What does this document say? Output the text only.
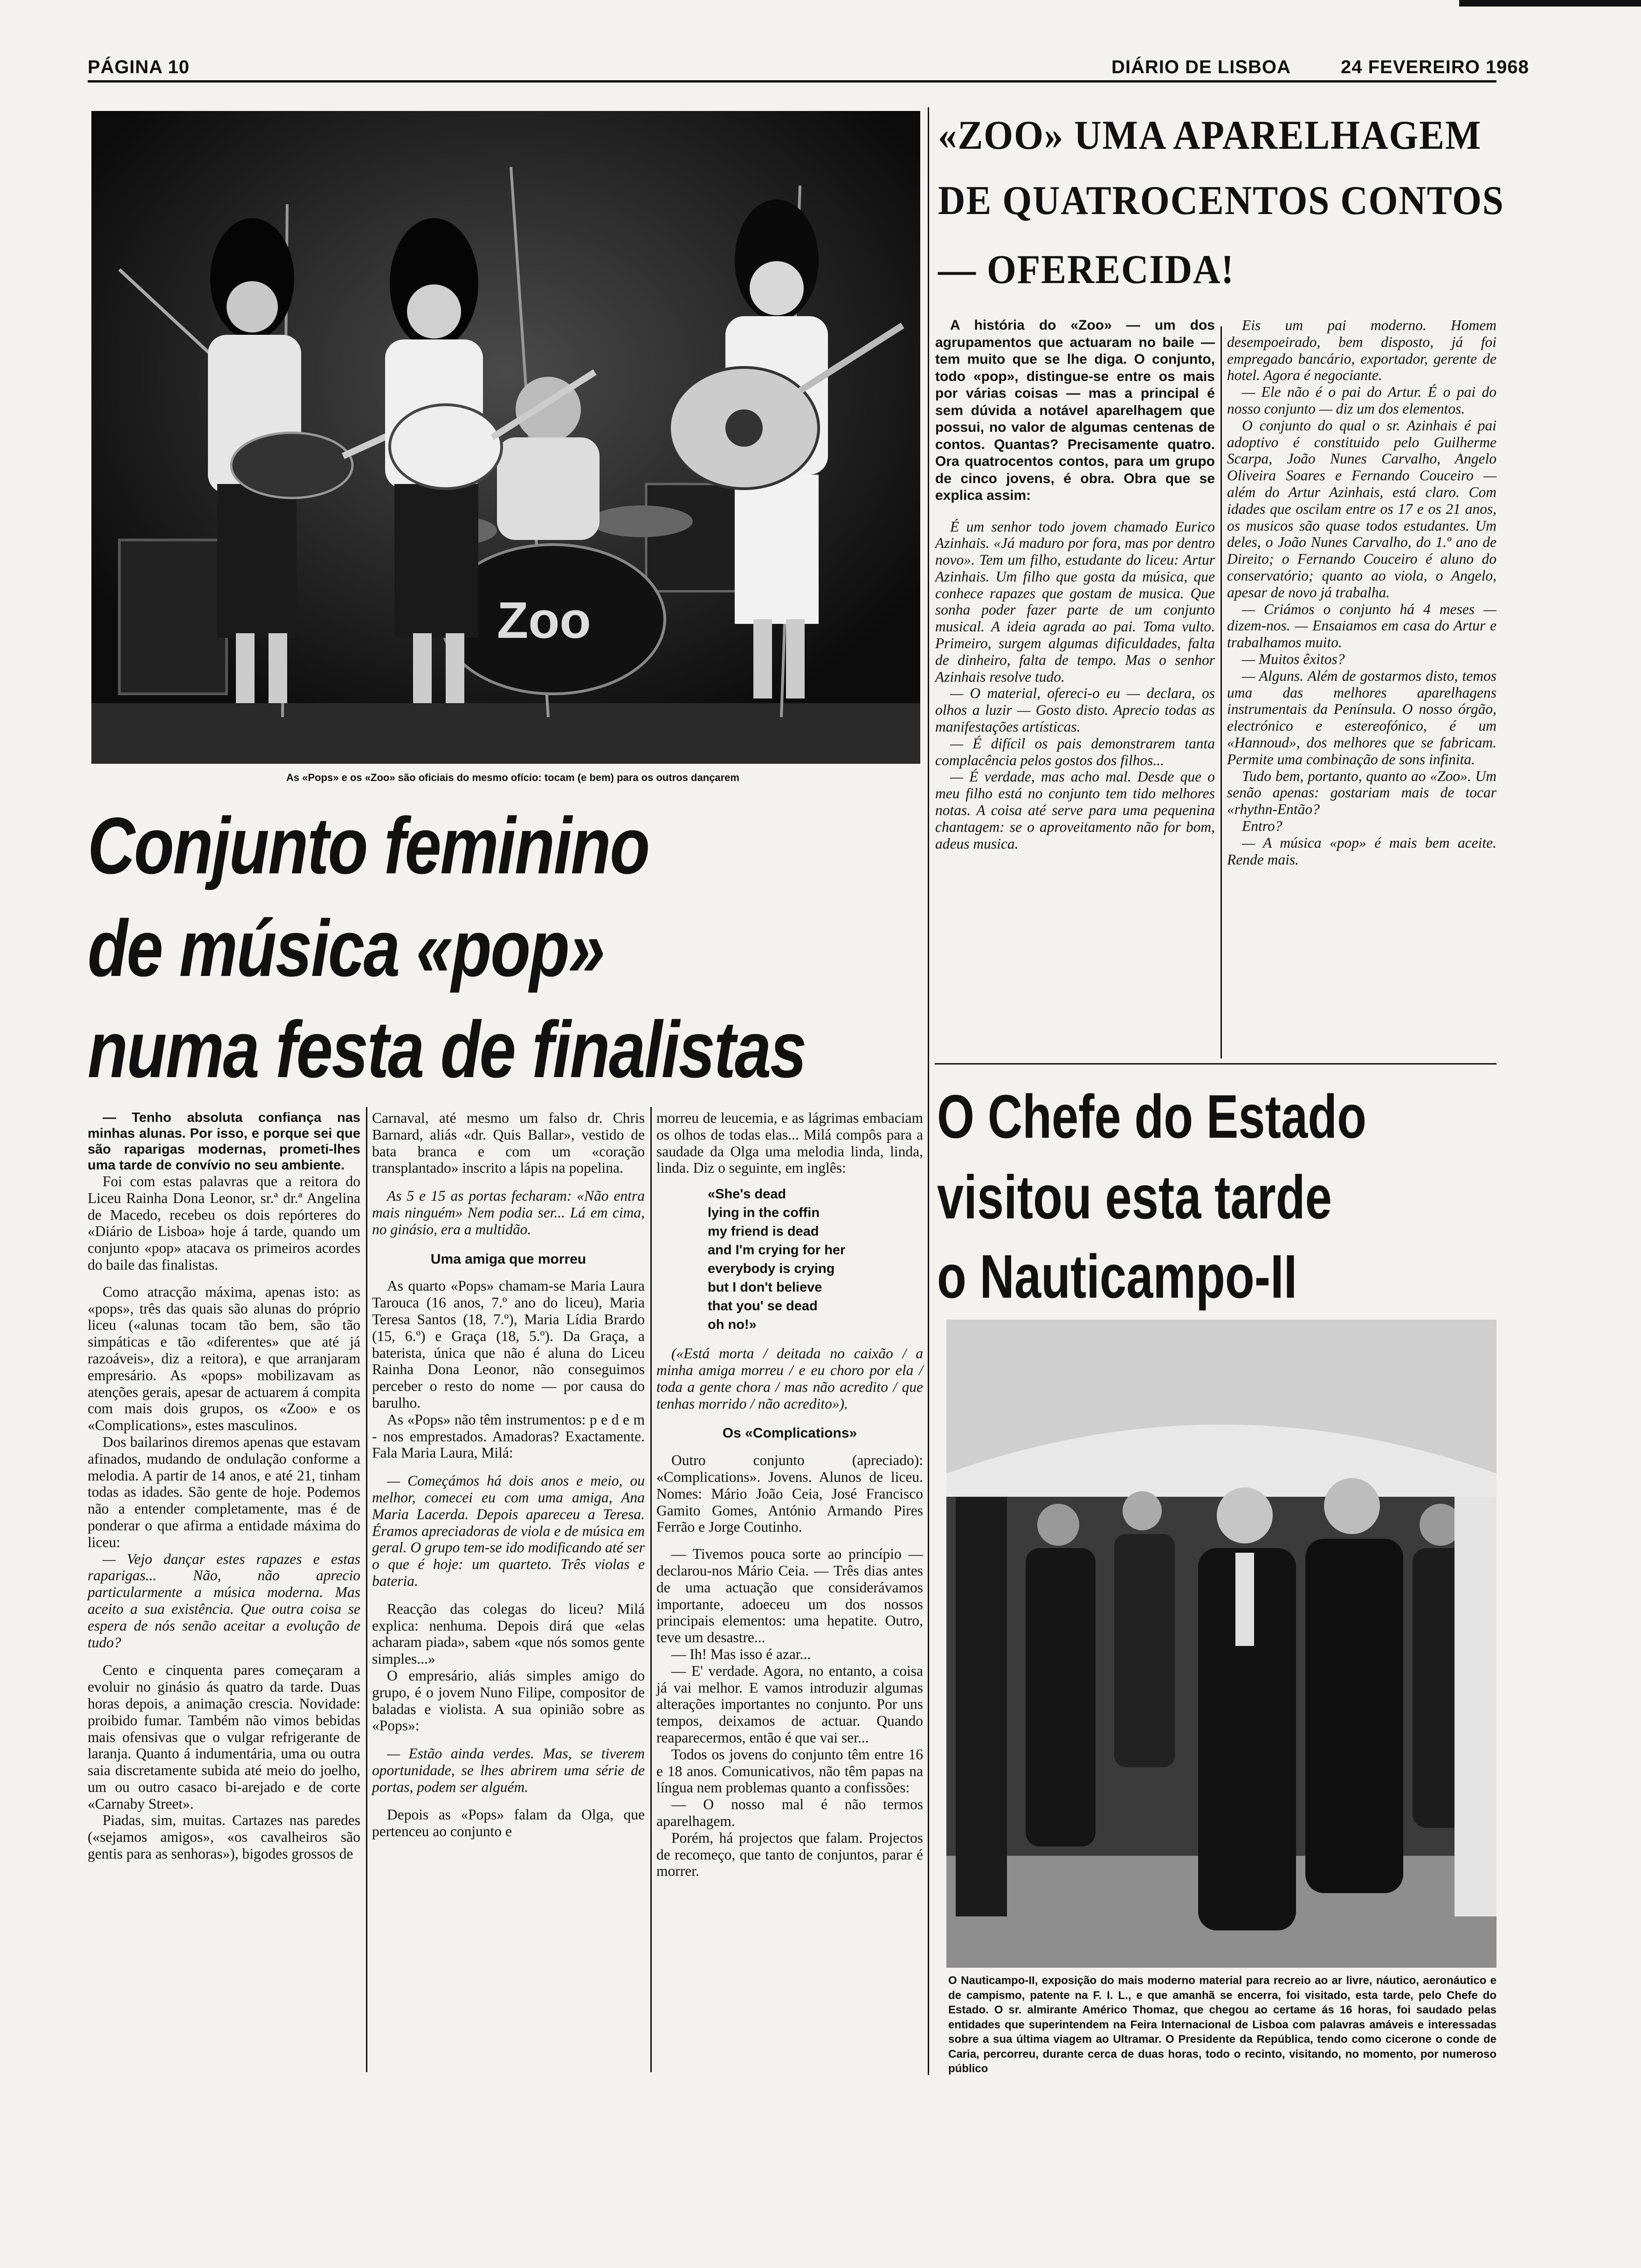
PÁGINA 10	DIÁRIO DE LISBOA	24 FEVEREIRO 1968
Zoo
As «Pops» e os «Zoo» são oficiais do mesmo ofício: tocam (e bem) para os outros dançarem
Conjunto feminino
de música «pop»
numa festa de finalistas

— Tenho absoluta confiança nas minhas alunas. Por isso, e porque sei que são raparigas modernas, prometi-lhes uma tarde de convívio no seu ambiente.

Foi com estas palavras que a reitora do Liceu Rainha Dona Leonor, sr.ª dr.ª Angelina de Macedo, recebeu os dois repórteres do «Diário de Lisboa» hoje á tarde, quando um conjunto «pop» atacava os primeiros acordes do baile das finalistas.

Como atracção máxima, apenas isto: as «pops», três das quais são alunas do próprio liceu («alunas tocam tão bem, são tão simpáticas e tão «diferentes» que até já razoáveis», diz a reitora), e que arranjaram empresário. As «pops» mobilizavam as atenções gerais, apesar de actuarem á compita com mais dois grupos, os «Zoo» e os «Complications», estes masculinos.

Dos bailarinos diremos apenas que estavam afinados, mudando de ondulação conforme a melodia. A partir de 14 anos, e até 21, tinham todas as idades. São gente de hoje. Podemos não a entender completamente, mas é de ponderar o que afirma a entidade máxima do liceu:

— Vejo dançar estes rapazes e estas raparigas... Não, não aprecio particularmente a música moderna. Mas aceito a sua existência. Que outra coisa se espera de nós senão aceitar a evolução de tudo?

Cento e cinquenta pares começaram a evoluir no ginásio ás quatro da tarde. Duas horas depois, a animação crescia. Novidade: proibido fumar. Também não vimos bebidas mais ofensivas que o vulgar refrigerante de laranja. Quanto á indumentária, uma ou outra saia discretamente subida até meio do joelho, um ou outro casaco bi-arejado e de corte «Carnaby Street».

Piadas, sim, muitas. Cartazes nas paredes («sejamos amigos», «os cavalheiros são gentis para as senhoras»), bigodes grossos de

Carnaval, até mesmo um falso dr. Chris Barnard, aliás «dr. Quis Ballar», vestido de bata branca e com um «coração transplantado» inscrito a lápis na popelina.

As 5 e 15 as portas fecharam: «Não entra mais ninguém» Nem podia ser... Lá em cima, no ginásio, era a multidão.

Uma amiga que morreu

As quarto «Pops» chamam-se Maria Laura Tarouca (16 anos, 7.º ano do liceu), Maria Teresa Santos (18, 7.º), Maria Lídia Brardo (15, 6.º) e Graça (18, 5.º). Da Graça, a baterista, única que não é aluna do Liceu Rainha Dona Leonor, não conseguimos perceber o resto do nome — por causa do barulho.

As «Pops» não têm instrumentos: p e d e m - nos emprestados. Amadoras? Exactamente. Fala Maria Laura, Milá:

— Começámos há dois anos e meio, ou melhor, comecei eu com uma amiga, Ana Maria Lacerda. Depois apareceu a Teresa. Éramos apreciadoras de viola e de música em geral. O grupo tem-se ido modificando até ser o que é hoje: um quarteto. Três violas e bateria.

Reacção das colegas do liceu? Milá explica: nenhuma. Depois dirá que «elas acharam piada», sabem «que nós somos gente simples...»

O empresário, aliás simples amigo do grupo, é o jovem Nuno Filipe, compositor de baladas e violista. A sua opinião sobre as «Pops»:

— Estão ainda verdes. Mas, se tiverem oportunidade, se lhes abrirem uma série de portas, podem ser alguém.

Depois as «Pops» falam da Olga, que pertenceu ao conjunto e

morreu de leucemia, e as lágrimas embaciam os olhos de todas elas... Milá compôs para a saudade da Olga uma melodia linda, linda, linda. Diz o seguinte, em inglês:

«She's dead
lying in the coffin
my friend is dead
and I'm crying for her
everybody is crying
but I don't believe
that you' se dead
oh no!»

(«Está morta / deitada no caixão / a minha amiga morreu / e eu choro por ela / toda a gente chora / mas não acredito / que tenhas morrido / não acredito»).

Os «Complications»

Outro conjunto (apreciado): «Complications». Jovens. Alunos de liceu. Nomes: Mário João Ceia, José Francisco Gamito Gomes, António Armando Pires Ferrão e Jorge Coutinho.

— Tivemos pouca sorte ao princípio — declarou-nos Mário Ceia. — Três dias antes de uma actuação que considerávamos importante, adoeceu um dos nossos principais elementos: uma hepatite. Outro, teve um desastre...

— Ih! Mas isso é azar...

— E' verdade. Agora, no entanto, a coisa já vai melhor. E vamos introduzir algumas alterações importantes no conjunto. Por uns tempos, deixamos de actuar. Quando reaparecermos, então é que vai ser...

Todos os jovens do conjunto têm entre 16 e 18 anos. Comunicativos, não têm papas na língua nem problemas quanto a confissões:

— O nosso mal é não termos aparelhagem.

Porém, há projectos que falam. Projectos de recomeço, que tanto de conjuntos, parar é morrer.

«ZOO» UMA APARELHAGEM
DE QUATROCENTOS CONTOS
— OFERECIDA!

A história do «Zoo» — um dos agrupamentos que actuaram no baile — tem muito que se lhe diga. O conjunto, todo «pop», distingue-se entre os mais por várias coisas — mas a principal é sem dúvida a notável aparelhagem que possui, no valor de algumas centenas de contos. Quantas? Precisamente quatro. Ora quatrocentos contos, para um grupo de cinco jovens, é obra. Obra que se explica assim:

É um senhor todo jovem chamado Eurico Azinhais. «Já maduro por fora, mas por dentro novo». Tem um filho, estudante do liceu: Artur Azinhais. Um filho que gosta da música, que conhece rapazes que gostam de musica. Que sonha poder fazer parte de um conjunto musical. A ideia agrada ao pai. Toma vulto. Primeiro, surgem algumas dificuldades, falta de dinheiro, falta de tempo. Mas o senhor Azinhais resolve tudo.

— O material, ofereci-o eu — declara, os olhos a luzir — Gosto disto. Aprecio todas as manifestações artísticas.

— É difícil os pais demonstrarem tanta complacência pelos gostos dos filhos...

— É verdade, mas acho mal. Desde que o meu filho está no conjunto tem tido melhores notas. A coisa até serve para uma pequenina chantagem: se o aproveitamento não for bom, adeus musica.

Eis um pai moderno. Homem desempoeirado, bem disposto, já foi empregado bancário, exportador, gerente de hotel. Agora é negociante.

— Ele não é o pai do Artur. É o pai do nosso conjunto — diz um dos elementos.

O conjunto do qual o sr. Azinhais é pai adoptivo é constituido pelo Guilherme Scarpa, João Nunes Carvalho, Angelo Oliveira Soares e Fernando Couceiro — além do Artur Azinhais, está claro. Com idades que oscilam entre os 17 e os 21 anos, os musicos são quase todos estudantes. Um deles, o João Nunes Carvalho, do 1.º ano de Direito; o Fernando Couceiro é aluno do conservatório; quanto ao viola, o Angelo, apesar de novo já trabalha.

— Criámos o conjunto há 4 meses — dizem-nos. — Ensaiamos em casa do Artur e trabalhamos muito.

— Muitos êxitos?

— Alguns. Além de gostarmos disto, temos uma das melhores aparelhagens instrumentais da Península. O nosso órgão, electrónico e estereofónico, é um «Hannoud», dos melhores que se fabricam. Permite uma combinação de sons infinita.

Tudo bem, portanto, quanto ao «Zoo». Um senão apenas: gostariam mais de tocar «rhythn-Então?

Entro?

— A música «pop» é mais bem aceite. Rende mais.

O Chefe do Estado
visitou esta tarde
o Nauticampo-II
O Nauticampo-II, exposição do mais moderno material para recreio ao ar livre, náutico, aeronáutico e de campismo, patente na F. I. L., e que amanhã se encerra, foi visitado, esta tarde, pelo Chefe do Estado. O sr. almirante Américo Thomaz, que chegou ao certame ás 16 horas, foi saudado pelas entidades que superintendem na Feira Internacional de Lisboa com palavras amáveis e interessadas sobre a sua última viagem ao Ultramar. O Presidente da República, tendo como cicerone o conde de Caria, percorreu, durante cerca de duas horas, todo o recinto, visitando, no momento, por numeroso público
